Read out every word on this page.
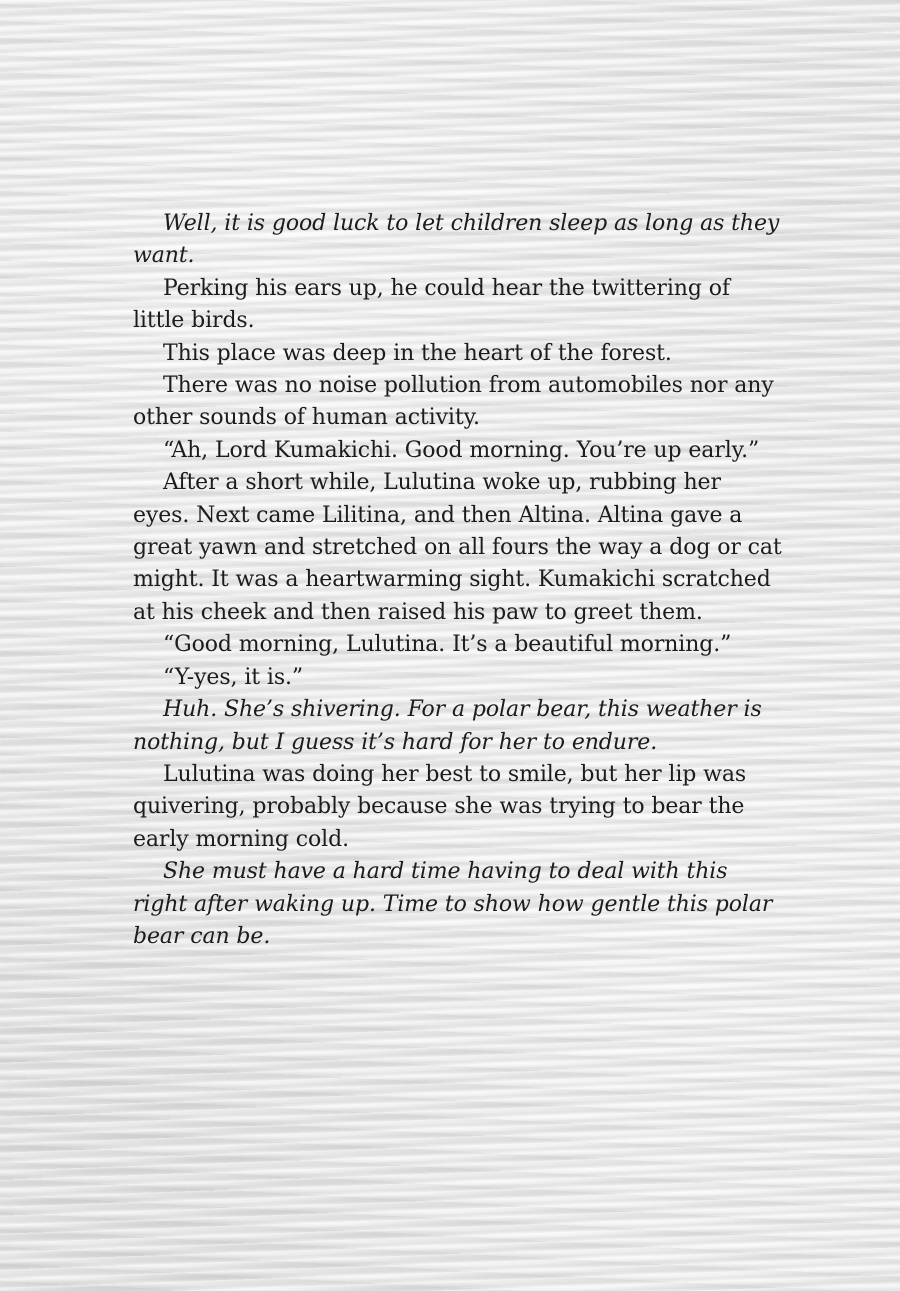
Well, it is good luck to let children sleep as long as they want.

Perking his ears up, he could hear the twittering of little birds.

This place was deep in the heart of the forest.

There was no noise pollution from automobiles nor any other sounds of human activity.

“Ah, Lord Kumakichi. Good morning. You’re up early.”

After a short while, Lulutina woke up, rubbing her eyes. Next came Lilitina, and then Altina. Altina gave a great yawn and stretched on all fours the way a dog or cat might. It was a heartwarming sight. Kumakichi scratched at his cheek and then raised his paw to greet them.

“Good morning, Lulutina. It’s a beautiful morning.”

“Y-yes, it is.”

Huh. She’s shivering. For a polar bear, this weather is nothing, but I guess it’s hard for her to endure.

Lulutina was doing her best to smile, but her lip was quivering, probably because she was trying to bear the early morning cold.

She must have a hard time having to deal with this right after waking up. Time to show how gentle this polar bear can be.
